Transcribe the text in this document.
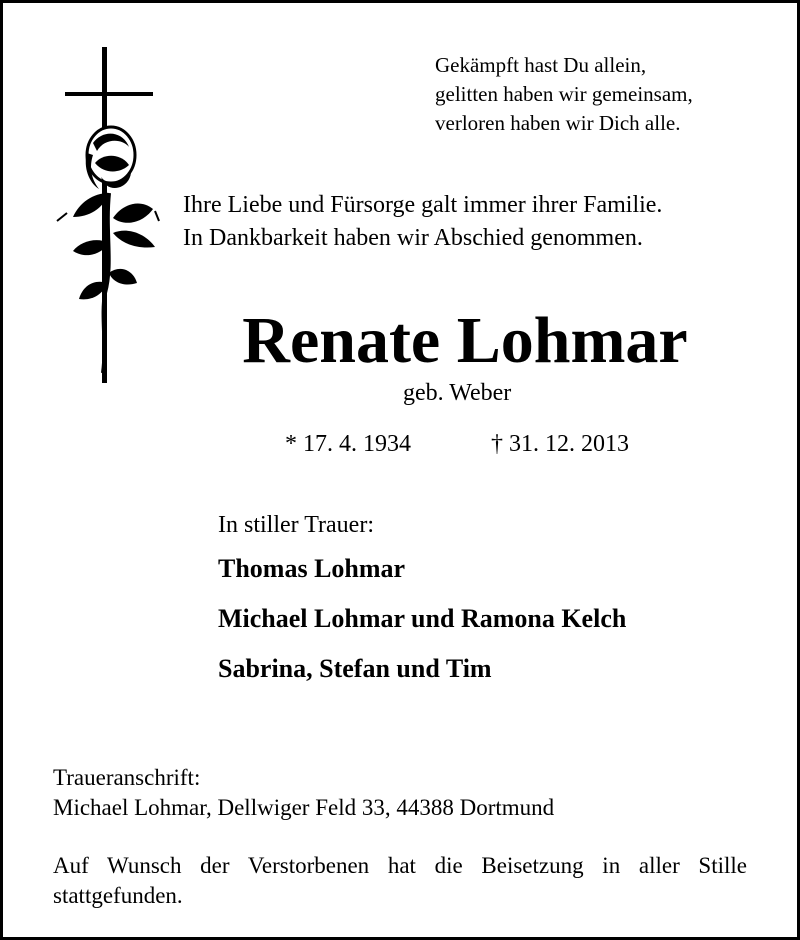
Gekämpft hast Du allein,
gelitten haben wir gemeinsam,
verloren haben wir Dich alle.
Ihre Liebe und Fürsorge galt immer ihrer Familie.
In Dankbarkeit haben wir Abschied genommen.
Renate Lohmar
geb. Weber
* 17. 4. 1934	† 31. 12. 2013
In stiller Trauer:
Thomas Lohmar
Michael Lohmar und Ramona Kelch
Sabrina, Stefan und Tim
Traueranschrift:
Michael Lohmar, Dellwiger Feld 33, 44388 Dortmund
Auf Wunsch der Verstorbenen hat die Beisetzung in aller Stille stattgefunden.
